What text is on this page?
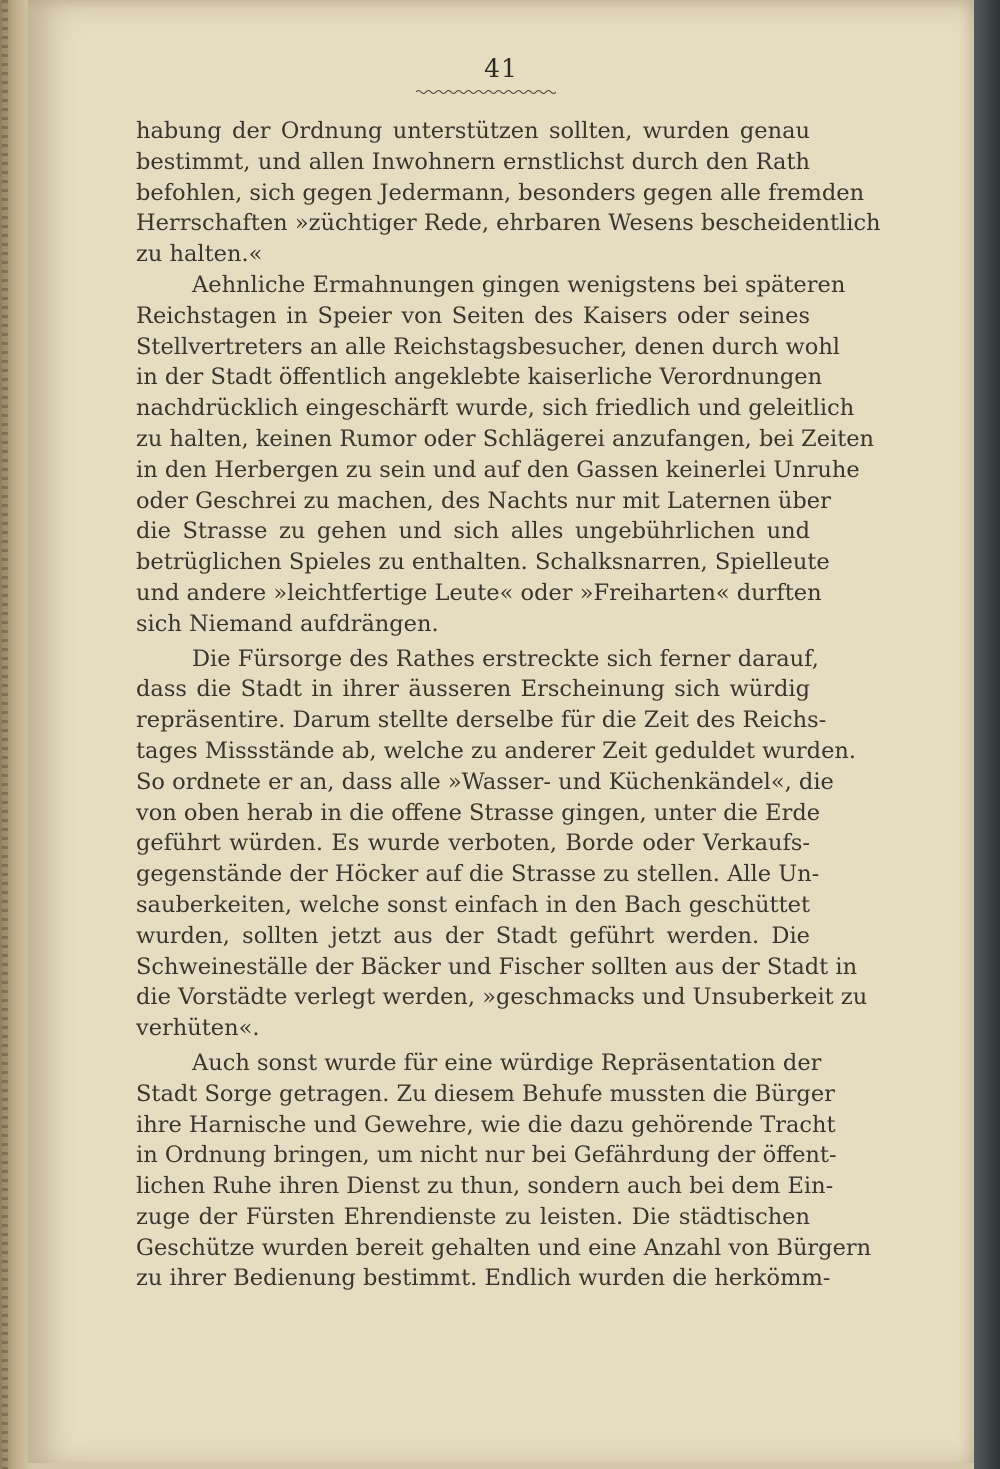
41
habung der Ordnung unterstützen sollten, wurden genau
bestimmt, und allen Inwohnern ernstlichst durch den Rath
befohlen, sich gegen Jedermann, besonders gegen alle fremden
Herrschaften »züchtiger Rede, ehrbaren Wesens bescheidentlich
zu halten.«
Aehnliche Ermahnungen gingen wenigstens bei späteren
Reichstagen in Speier von Seiten des Kaisers oder seines
Stellvertreters an alle Reichstagsbesucher, denen durch wohl
in der Stadt öffentlich angeklebte kaiserliche Verordnungen
nachdrücklich eingeschärft wurde, sich friedlich und geleitlich
zu halten, keinen Rumor oder Schlägerei anzufangen, bei Zeiten
in den Herbergen zu sein und auf den Gassen keinerlei Unruhe
oder Geschrei zu machen, des Nachts nur mit Laternen über
die Strasse zu gehen und sich alles ungebührlichen und
betrüglichen Spieles zu enthalten. Schalksnarren, Spielleute
und andere »leichtfertige Leute« oder »Freiharten« durften
sich Niemand aufdrängen.
Die Fürsorge des Rathes erstreckte sich ferner darauf,
dass die Stadt in ihrer äusseren Erscheinung sich würdig
repräsentire. Darum stellte derselbe für die Zeit des Reichs-
tages Missstände ab, welche zu anderer Zeit geduldet wurden.
So ordnete er an, dass alle »Wasser- und Küchenkändel«, die
von oben herab in die offene Strasse gingen, unter die Erde
geführt würden. Es wurde verboten, Borde oder Verkaufs-
gegenstände der Höcker auf die Strasse zu stellen. Alle Un-
sauberkeiten, welche sonst einfach in den Bach geschüttet
wurden, sollten jetzt aus der Stadt geführt werden. Die
Schweineställe der Bäcker und Fischer sollten aus der Stadt in
die Vorstädte verlegt werden, »geschmacks und Unsuberkeit zu
verhüten«.
Auch sonst wurde für eine würdige Repräsentation der
Stadt Sorge getragen. Zu diesem Behufe mussten die Bürger
ihre Harnische und Gewehre, wie die dazu gehörende Tracht
in Ordnung bringen, um nicht nur bei Gefährdung der öffent-
lichen Ruhe ihren Dienst zu thun, sondern auch bei dem Ein-
zuge der Fürsten Ehrendienste zu leisten. Die städtischen
Geschütze wurden bereit gehalten und eine Anzahl von Bürgern
zu ihrer Bedienung bestimmt. Endlich wurden die herkömm-
